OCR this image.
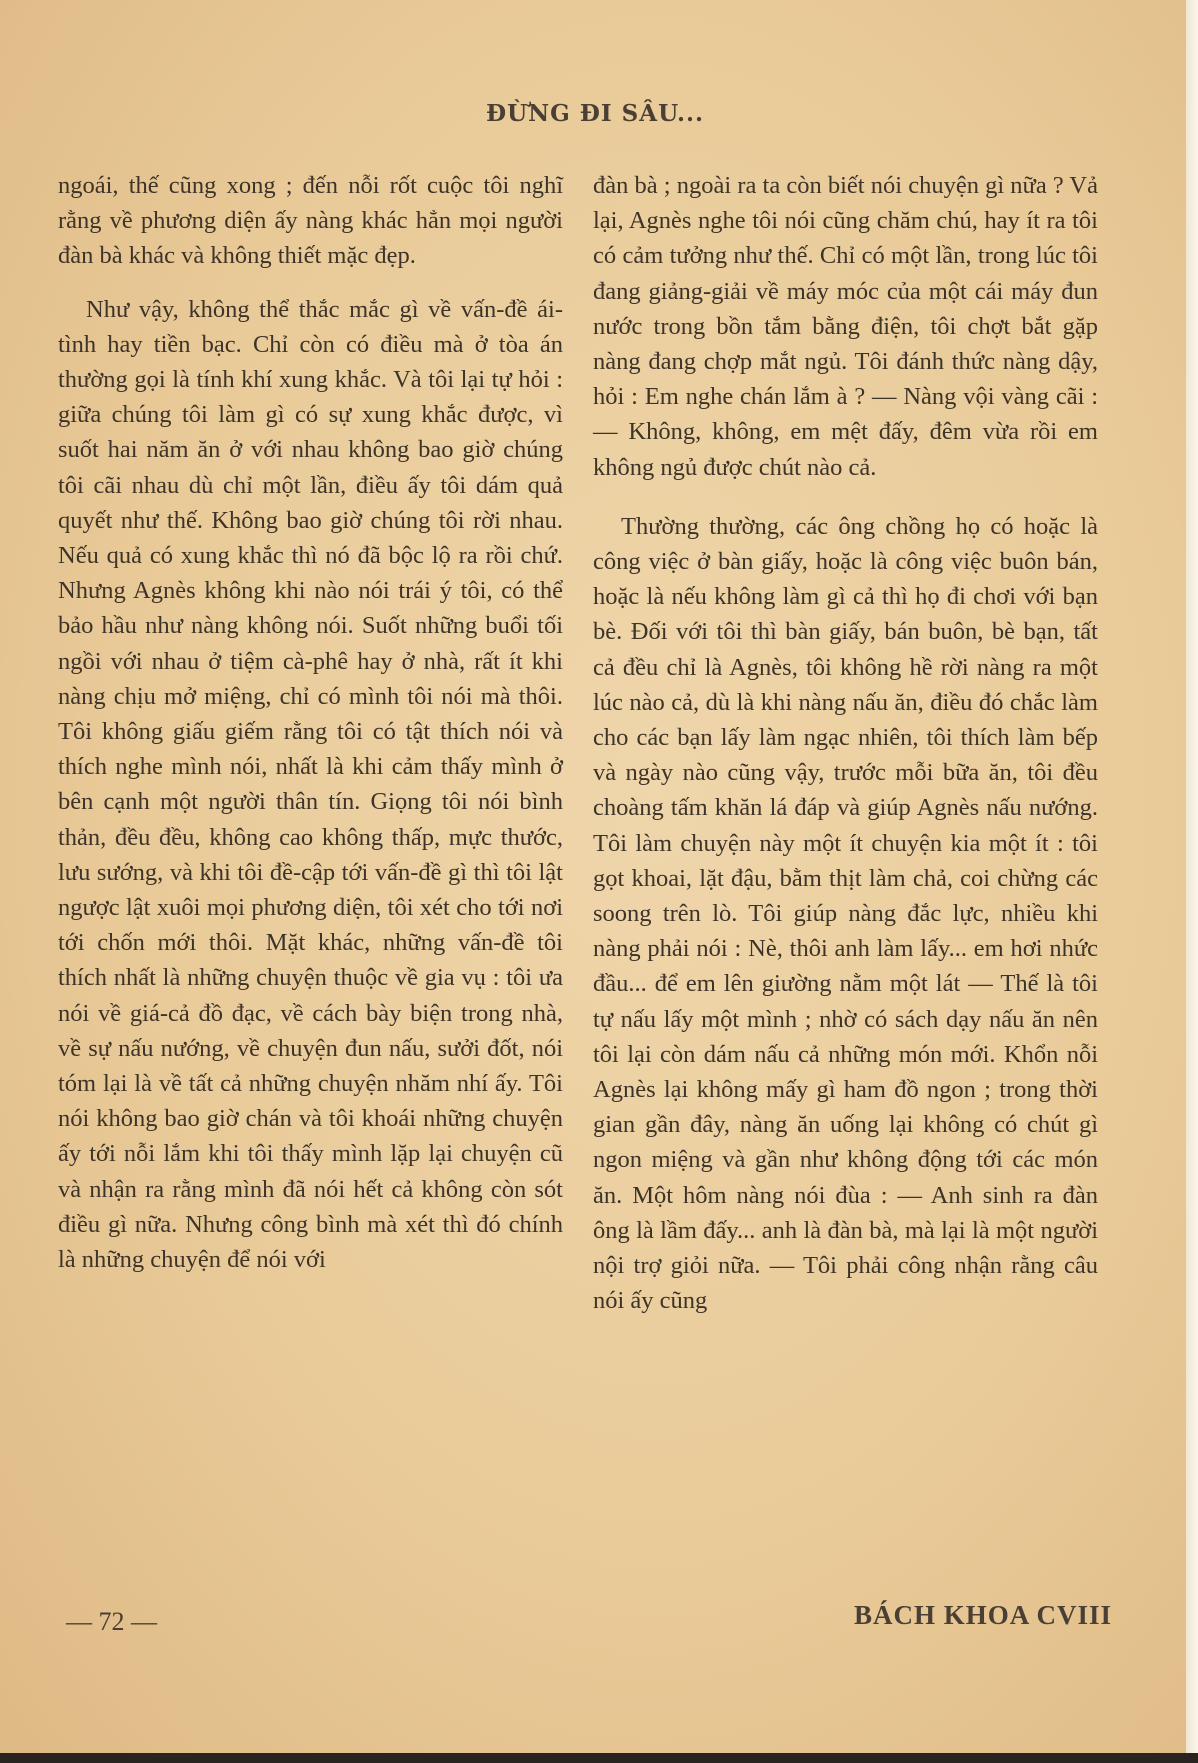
ĐỪNG ĐI SÂU...

ngoái, thế cũng xong ; đến nỗi rốt cuộc tôi nghĩ rằng về phương diện ấy nàng khác hẳn mọi người đàn bà khác và không thiết mặc đẹp.

Như vậy, không thể thắc mắc gì về vấn-đề ái-tình hay tiền bạc. Chỉ còn có điều mà ở tòa án thường gọi là tính khí xung khắc. Và tôi lại tự hỏi : giữa chúng tôi làm gì có sự xung khắc được, vì suốt hai năm ăn ở với nhau không bao giờ chúng tôi cãi nhau dù chỉ một lần, điều ấy tôi dám quả quyết như thế. Không bao giờ chúng tôi rời nhau. Nếu quả có xung khắc thì nó đã bộc lộ ra rồi chứ. Nhưng Agnès không khi nào nói trái ý tôi, có thể bảo hầu như nàng không nói. Suốt những buổi tối ngồi với nhau ở tiệm cà-phê hay ở nhà, rất ít khi nàng chịu mở miệng, chỉ có mình tôi nói mà thôi. Tôi không giấu giếm rằng tôi có tật thích nói và thích nghe mình nói, nhất là khi cảm thấy mình ở bên cạnh một người thân tín. Giọng tôi nói bình thản, đều đều, không cao không thấp, mực thước, lưu sướng, và khi tôi đề-cập tới vấn-đề gì thì tôi lật ngược lật xuôi mọi phương diện, tôi xét cho tới nơi tới chốn mới thôi. Mặt khác, những vấn-đề tôi thích nhất là những chuyện thuộc về gia vụ : tôi ưa nói về giá-cả đồ đạc, về cách bày biện trong nhà, về sự nấu nướng, về chuyện đun nấu, sưởi đốt, nói tóm lại là về tất cả những chuyện nhăm nhí ấy. Tôi nói không bao giờ chán và tôi khoái những chuyện ấy tới nỗi lắm khi tôi thấy mình lặp lại chuyện cũ và nhận ra rằng mình đã nói hết cả không còn sót điều gì nữa. Nhưng công bình mà xét thì đó chính là những chuyện để nói với

đàn bà ; ngoài ra ta còn biết nói chuyện gì nữa ? Vả lại, Agnès nghe tôi nói cũng chăm chú, hay ít ra tôi có cảm tưởng như thế. Chỉ có một lần, trong lúc tôi đang giảng-giải về máy móc của một cái máy đun nước trong bồn tắm bằng điện, tôi chợt bắt gặp nàng đang chợp mắt ngủ. Tôi đánh thức nàng dậy, hỏi : Em nghe chán lắm à ? — Nàng vội vàng cãi : — Không, không, em mệt đấy, đêm vừa rồi em không ngủ được chút nào cả.

Thường thường, các ông chồng họ có hoặc là công việc ở bàn giấy, hoặc là công việc buôn bán, hoặc là nếu không làm gì cả thì họ đi chơi với bạn bè. Đối với tôi thì bàn giấy, bán buôn, bè bạn, tất cả đều chỉ là Agnès, tôi không hề rời nàng ra một lúc nào cả, dù là khi nàng nấu ăn, điều đó chắc làm cho các bạn lấy làm ngạc nhiên, tôi thích làm bếp và ngày nào cũng vậy, trước mỗi bữa ăn, tôi đều choàng tấm khăn lá đáp và giúp Agnès nấu nướng. Tôi làm chuyện này một ít chuyện kia một ít : tôi gọt khoai, lặt đậu, bằm thịt làm chả, coi chừng các soong trên lò. Tôi giúp nàng đắc lực, nhiều khi nàng phải nói : Nè, thôi anh làm lấy... em hơi nhức đầu... để em lên giường nằm một lát — Thế là tôi tự nấu lấy một mình ; nhờ có sách dạy nấu ăn nên tôi lại còn dám nấu cả những món mới. Khổn nỗi Agnès lại không mấy gì ham đồ ngon ; trong thời gian gần đây, nàng ăn uống lại không có chút gì ngon miệng và gần như không động tới các món ăn. Một hôm nàng nói đùa : — Anh sinh ra đàn ông là lầm đấy... anh là đàn bà, mà lại là một người nội trợ giỏi nữa. — Tôi phải công nhận rằng câu nói ấy cũng

— 72 —	BÁCH KHOA CVIII
